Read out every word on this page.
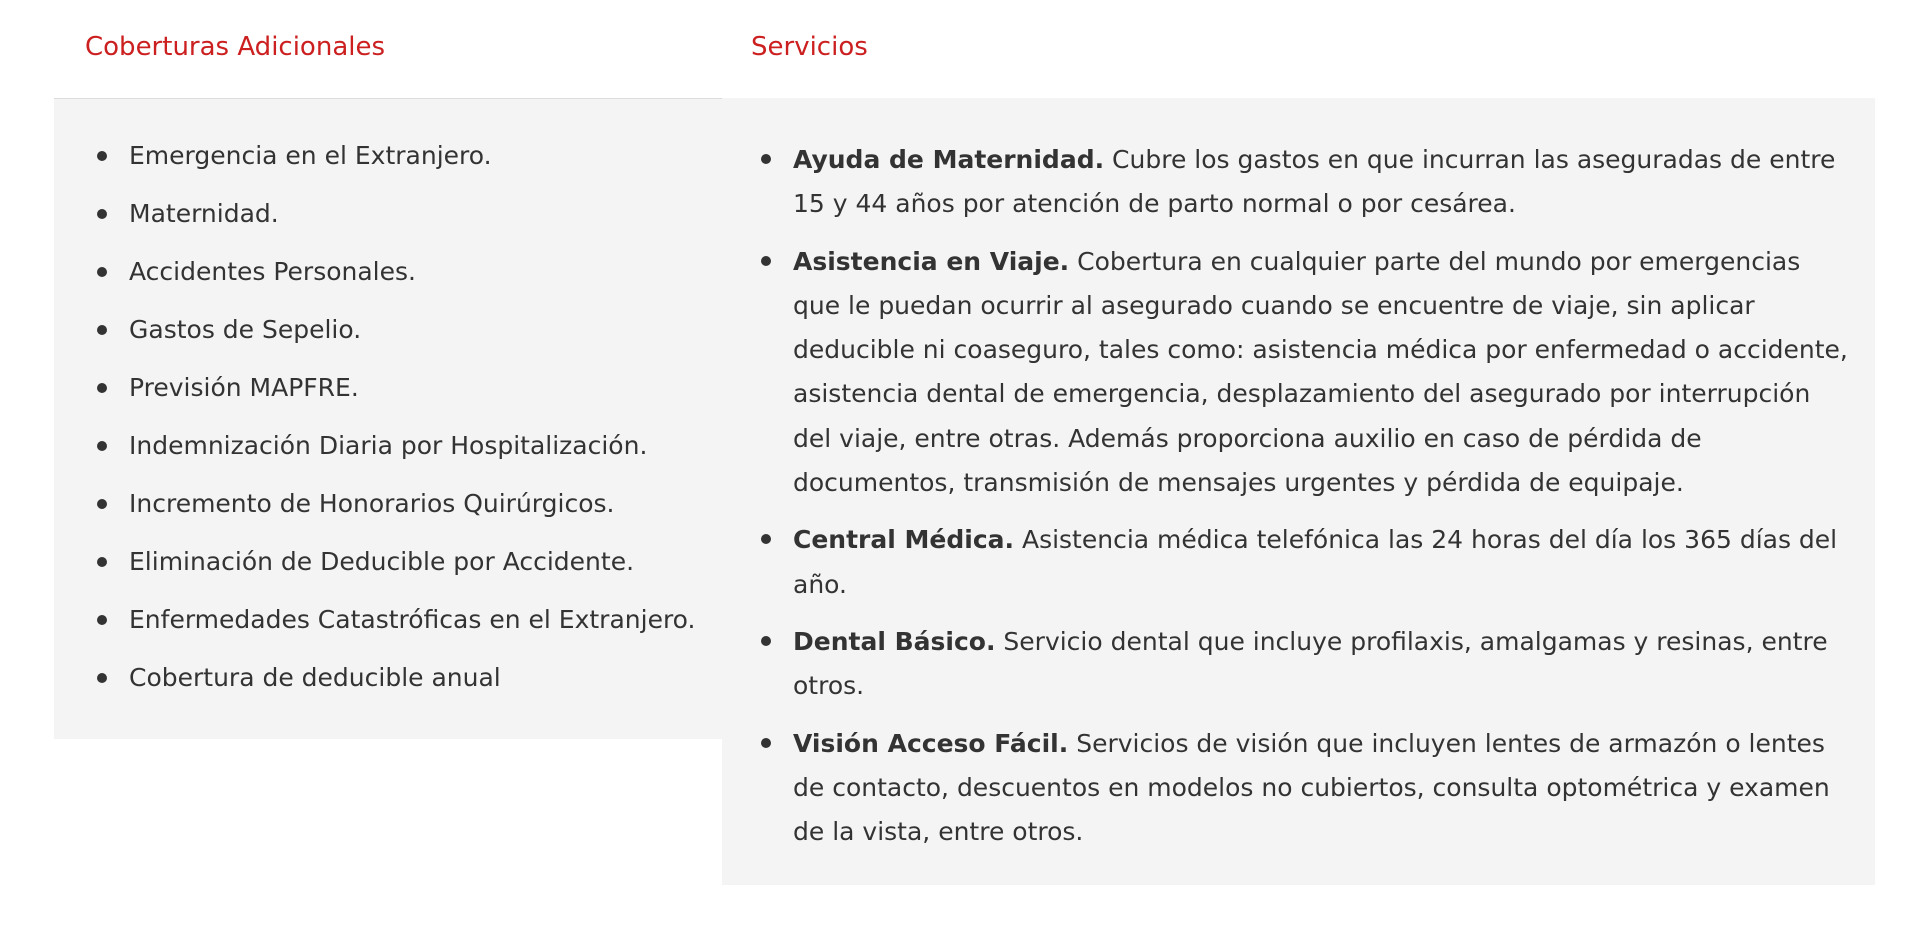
Coberturas Adicionales	Servicios
Emergencia en el Extranjero.
Maternidad.
Accidentes Personales.
Gastos de Sepelio.
Previsión MAPFRE.
Indemnización Diaria por Hospitalización.
Incremento de Honorarios Quirúrgicos.
Eliminación de Deducible por Accidente.
Enfermedades Catastróficas en el Extranjero.
Cobertura de deducible anual
Ayuda de Maternidad. Cubre los gastos en que incurran las aseguradas de entre 15 y 44 años por atención de parto normal o por cesárea.
Asistencia en Viaje. Cobertura en cualquier parte del mundo por emergencias que le puedan ocurrir al asegurado cuando se encuentre de viaje, sin aplicar deducible ni coaseguro, tales como: asistencia médica por enfermedad o accidente, asistencia dental de emergencia, desplazamiento del asegurado por interrupción del viaje, entre otras. Además proporciona auxilio en caso de pérdida de documentos, transmisión de mensajes urgentes y pérdida de equipaje.
Central Médica. Asistencia médica telefónica las 24 horas del día los 365 días del año.
Dental Básico. Servicio dental que incluye profilaxis, amalgamas y resinas, entre otros.
Visión Acceso Fácil. Servicios de visión que incluyen lentes de armazón o lentes de contacto, descuentos en modelos no cubiertos, consulta optométrica y examen de la vista, entre otros.
